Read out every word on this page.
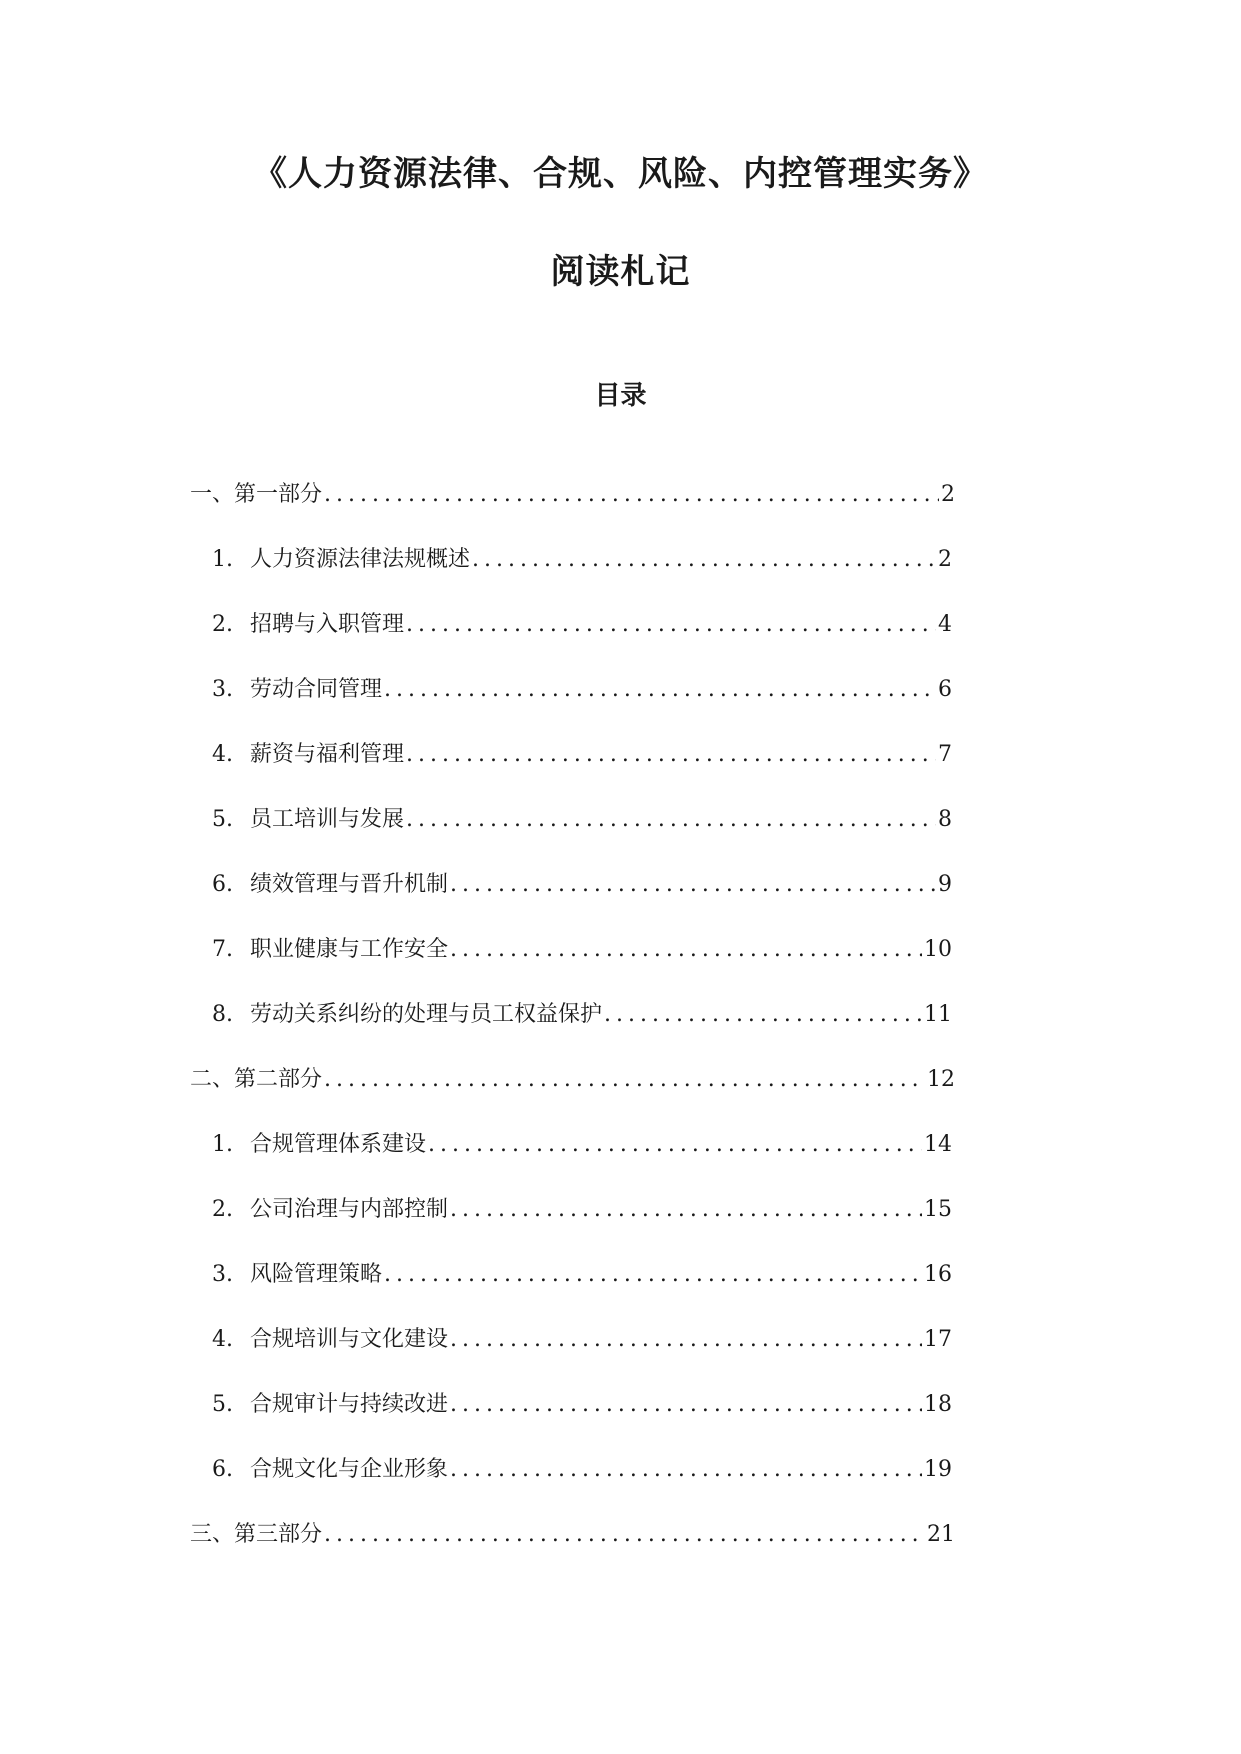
《人力资源法律、合规、风险、内控管理实务》
阅读札记
目录
一、第一部分 .....	2
1. 人力资源法律法规概述 .....	2
2. 招聘与入职管理 .....	4
3. 劳动合同管理 .....	6
4. 薪资与福利管理 .....	7
5. 员工培训与发展 .....	8
6. 绩效管理与晋升机制 .....	9
7. 职业健康与工作安全 .....	10
8. 劳动关系纠纷的处理与员工权益保护 .....	11
二、第二部分 .....	12
1. 合规管理体系建设 .....	14
2. 公司治理与内部控制 .....	15
3. 风险管理策略 .....	16
4. 合规培训与文化建设 .....	17
5. 合规审计与持续改进 .....	18
6. 合规文化与企业形象 .....	19
三、第三部分 .....	21
